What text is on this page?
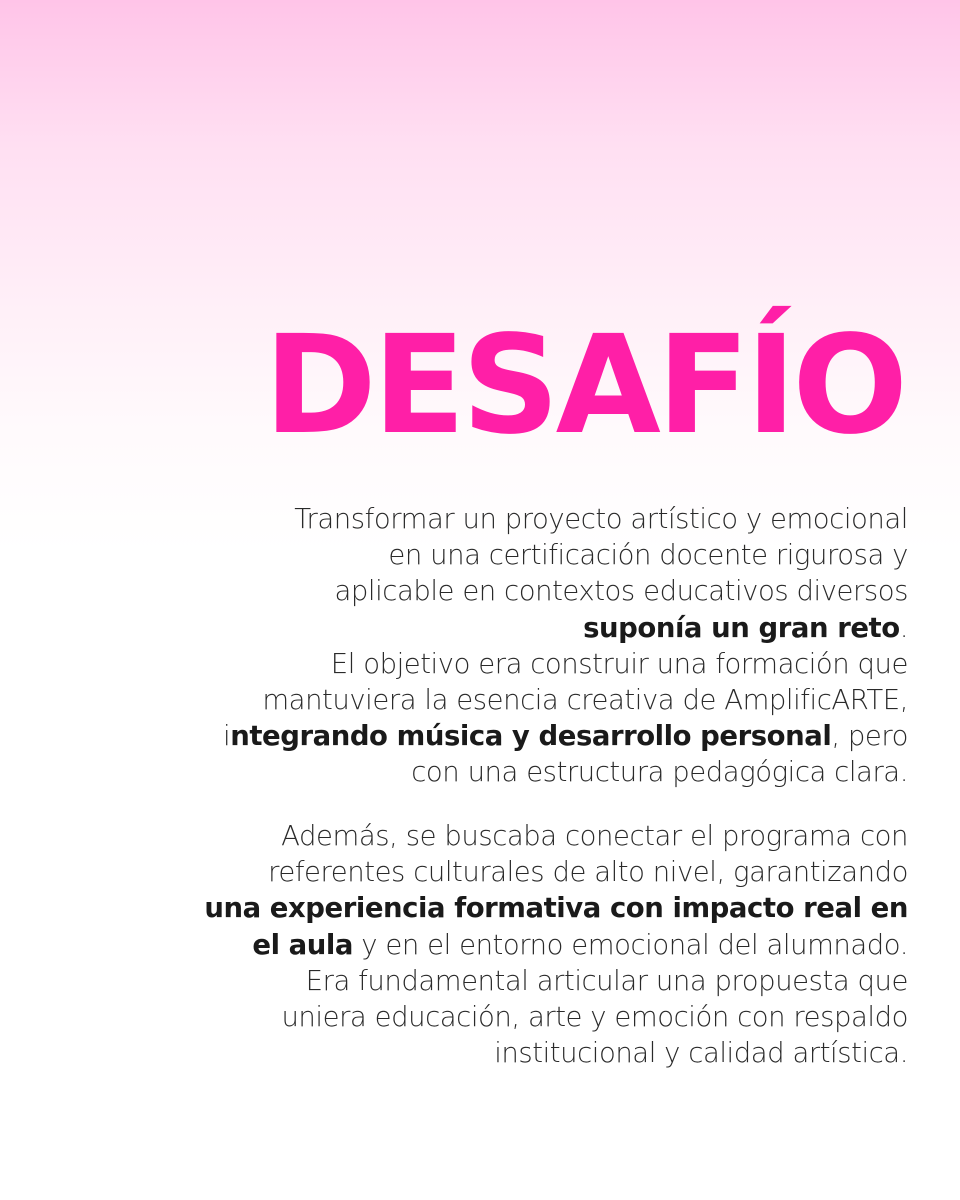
DESAFÍO
Transformar un proyecto artístico y emocional
en una certificación docente rigurosa y
aplicable en contextos educativos diversos
suponía un gran reto.
El objetivo era construir una formación que
mantuviera la esencia creativa de AmplificARTE,
integrando música y desarrollo personal, pero
con una estructura pedagógica clara.
Además, se buscaba conectar el programa con
referentes culturales de alto nivel, garantizando
una experiencia formativa con impacto real en
el aula y en el entorno emocional del alumnado.
Era fundamental articular una propuesta que
uniera educación, arte y emoción con respaldo
institucional y calidad artística.
